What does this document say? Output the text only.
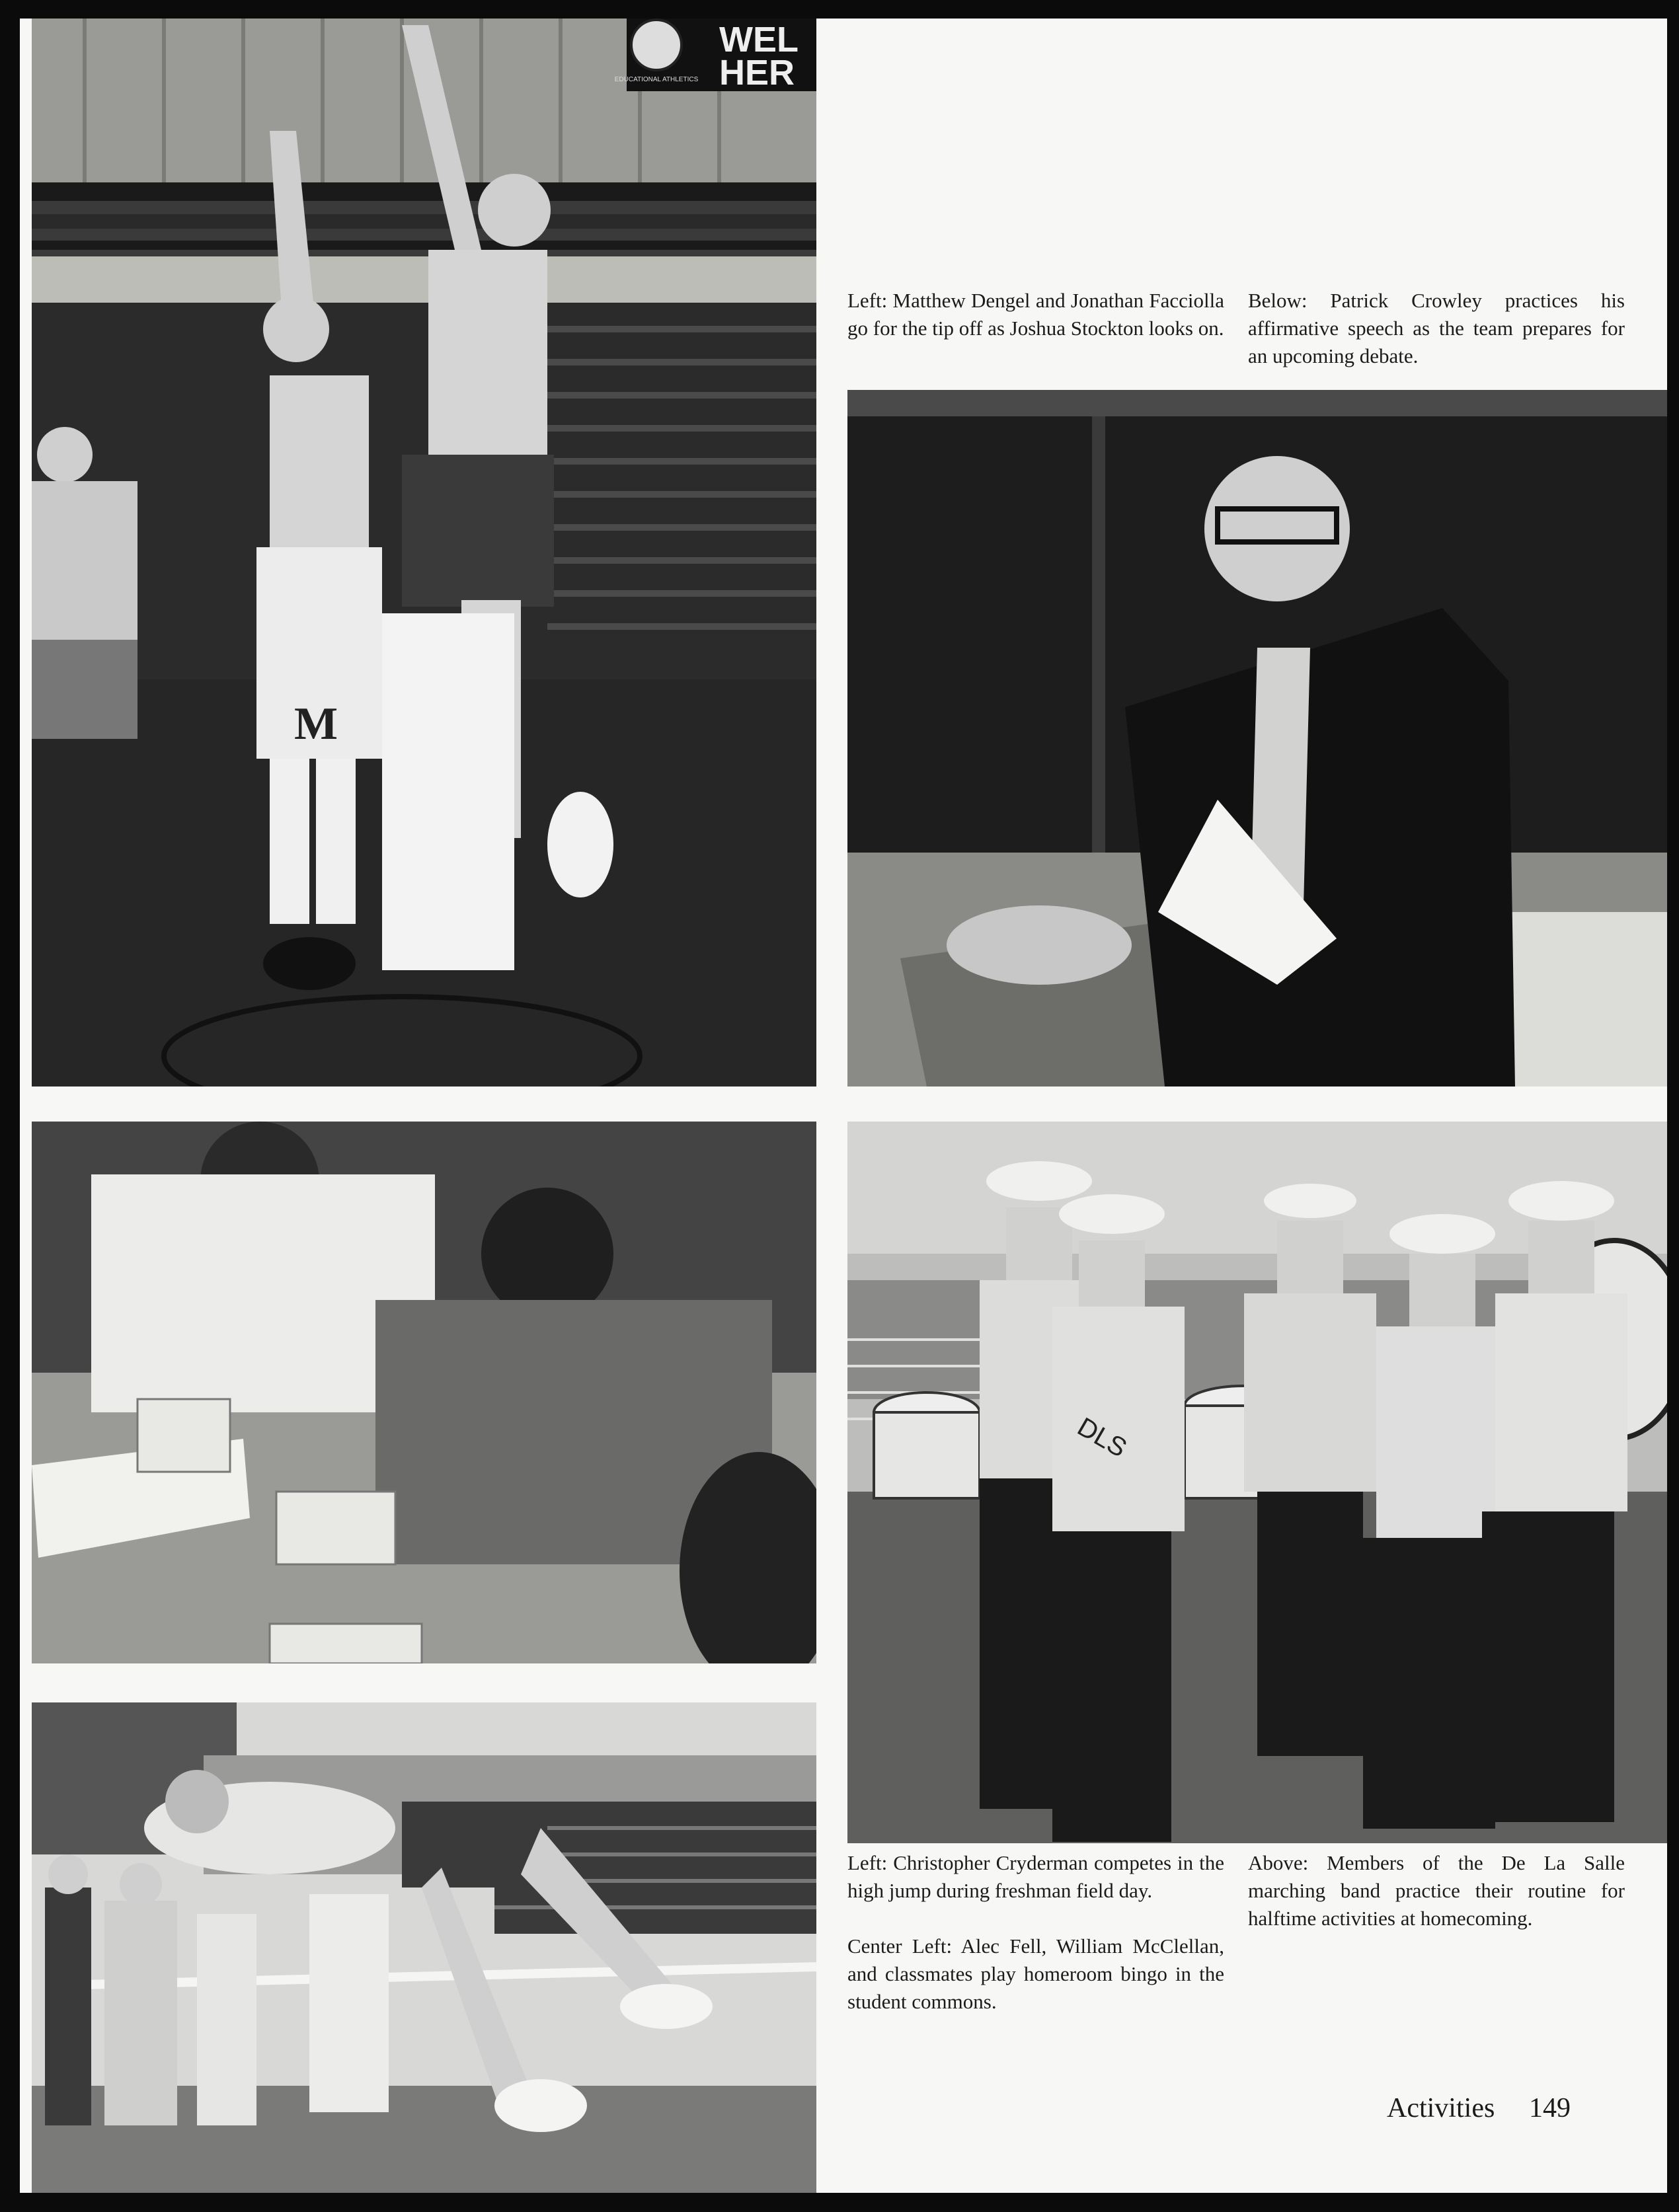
EDUCATIONAL ATHLETICS
WEL
HER
M
DLS
Left: Matthew Dengel and Jonathan Facciolla go for the tip off as Joshua Stockton looks on.
Below: Patrick Crowley practices his affirmative speech as the team prepares for an upcoming debate.
Left: Christopher Cryderman competes in the high jump during freshman field day.
Above: Members of the De La Salle marching band practice their routine for halftime activities at homecoming.
Center Left: Alec Fell, William McClellan, and classmates play homeroom bingo in the student commons.
Activities 149
